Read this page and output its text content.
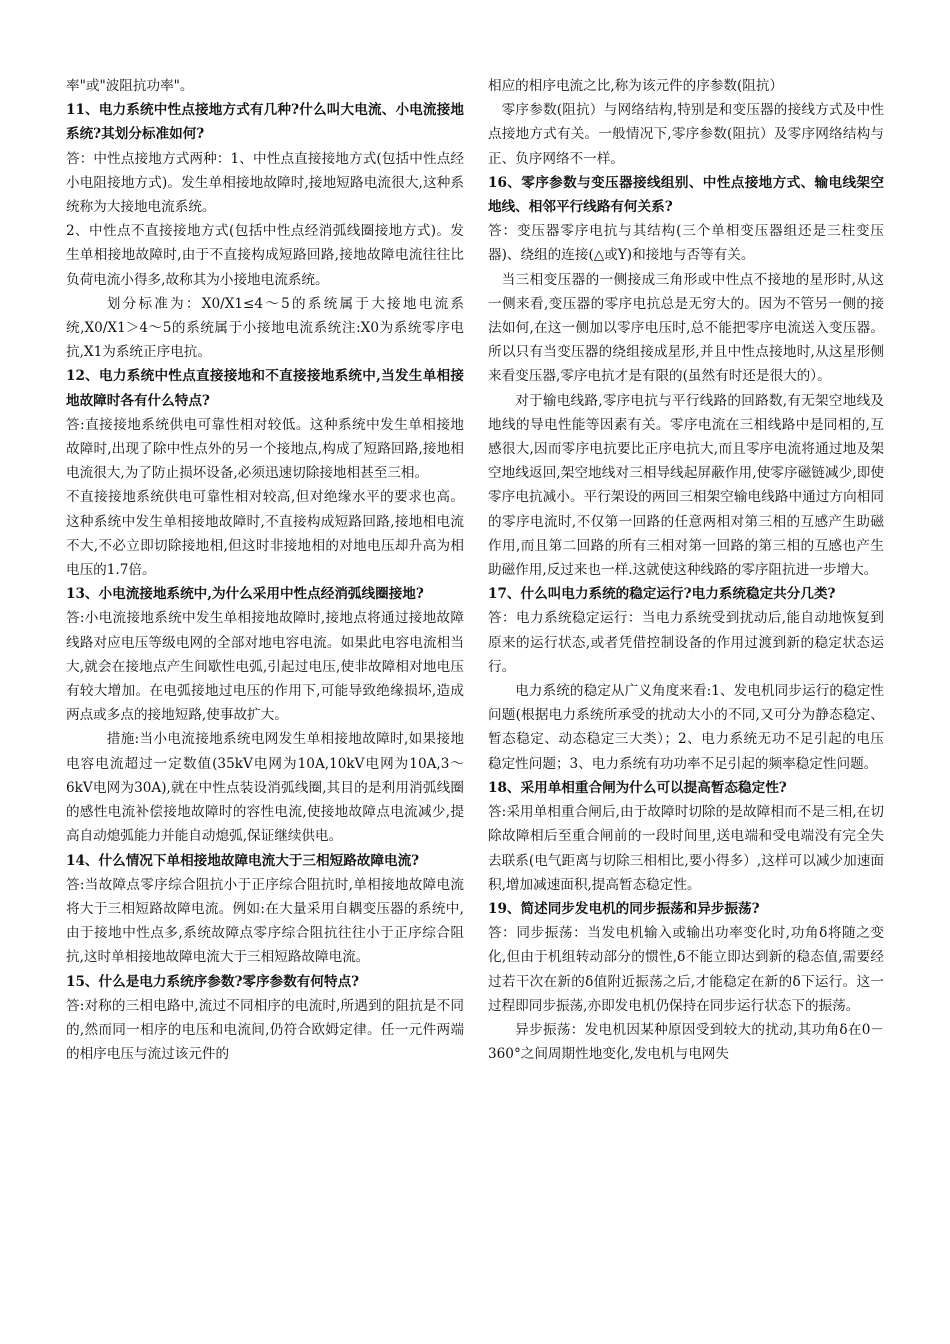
率"或"波阻抗功率"。

11、电力系统中性点接地方式有几种?什么叫大电流、小电流接地系统?其划分标准如何?

答：中性点接地方式两种：1、中性点直接接地方式(包括中性点经小电阻接地方式)。发生单相接地故障时,接地短路电流很大,这种系统称为大接地电流系统。

2、中性点不直接接地方式(包括中性点经消弧线圈接地方式)。发生单相接地故障时,由于不直接构成短路回路,接地故障电流往往比负荷电流小得多,故称其为小接地电流系统。

划分标准为：X0/X1≤4～5的系统属于大接地电流系统,X0/X1＞4～5的系统属于小接地电流系统注:X0为系统零序电抗,X1为系统正序电抗。

12、电力系统中性点直接接地和不直接接地系统中,当发生单相接地故障时各有什么特点?

答:直接接地系统供电可靠性相对较低。这种系统中发生单相接地故障时,出现了除中性点外的另一个接地点,构成了短路回路,接地相电流很大,为了防止损坏设备,必须迅速切除接地相甚至三相。

不直接接地系统供电可靠性相对较高,但对绝缘水平的要求也高。这种系统中发生单相接地故障时,不直接构成短路回路,接地相电流不大,不必立即切除接地相,但这时非接地相的对地电压却升高为相电压的1.7倍。

13、小电流接地系统中,为什么采用中性点经消弧线圈接地?

答:小电流接地系统中发生单相接地故障时,接地点将通过接地故障线路对应电压等级电网的全部对地电容电流。如果此电容电流相当大,就会在接地点产生间歇性电弧,引起过电压,使非故障相对地电压有较大增加。在电弧接地过电压的作用下,可能导致绝缘损坏,造成两点或多点的接地短路,使事故扩大。

措施:当小电流接地系统电网发生单相接地故障时,如果接地电容电流超过一定数值(35kV电网为10A,10kV电网为10A,3～6kV电网为30A),就在中性点装设消弧线圈,其目的是利用消弧线圈的感性电流补偿接地故障时的容性电流,使接地故障点电流减少,提高自动熄弧能力并能自动熄弧,保证继续供电。

14、什么情况下单相接地故障电流大于三相短路故障电流?

答:当故障点零序综合阻抗小于正序综合阻抗时,单相接地故障电流将大于三相短路故障电流。例如:在大量采用自耦变压器的系统中,由于接地中性点多,系统故障点零序综合阻抗往往小于正序综合阻抗,这时单相接地故障电流大于三相短路故障电流。

15、什么是电力系统序参数?零序参数有何特点?

答:对称的三相电路中,流过不同相序的电流时,所遇到的阻抗是不同的,然而同一相序的电压和电流间,仍符合欧姆定律。任一元件两端的相序电压与流过该元件的

相应的相序电流之比,称为该元件的序参数(阻抗）

零序参数(阻抗）与网络结构,特别是和变压器的接线方式及中性点接地方式有关。一般情况下,零序参数(阻抗）及零序网络结构与正、负序网络不一样。

16、零序参数与变压器接线组别、中性点接地方式、输电线架空地线、相邻平行线路有何关系?

答：变压器零序电抗与其结构(三个单相变压器组还是三柱变压器)、绕组的连接(△或Y)和接地与否等有关。

当三相变压器的一侧接成三角形或中性点不接地的星形时,从这一侧来看,变压器的零序电抗总是无穷大的。因为不管另一侧的接法如何,在这一侧加以零序电压时,总不能把零序电流送入变压器。所以只有当变压器的绕组接成星形,并且中性点接地时,从这星形侧来看变压器,零序电抗才是有限的(虽然有时还是很大的）。

对于输电线路,零序电抗与平行线路的回路数,有无架空地线及地线的导电性能等因素有关。零序电流在三相线路中是同相的,互感很大,因而零序电抗要比正序电抗大,而且零序电流将通过地及架空地线返回,架空地线对三相导线起屏蔽作用,使零序磁链减少,即使零序电抗减小。平行架设的两回三相架空输电线路中通过方向相同的零序电流时,不仅第一回路的任意两相对第三相的互感产生助磁作用,而且第二回路的所有三相对第一回路的第三相的互感也产生助磁作用,反过来也一样.这就使这种线路的零序阻抗进一步增大。

17、什么叫电力系统的稳定运行?电力系统稳定共分几类?

答：电力系统稳定运行：当电力系统受到扰动后,能自动地恢复到原来的运行状态,或者凭借控制设备的作用过渡到新的稳定状态运行。

电力系统的稳定从广义角度来看:1、发电机同步运行的稳定性问题(根据电力系统所承受的扰动大小的不同,又可分为静态稳定、暂态稳定、动态稳定三大类）；2、电力系统无功不足引起的电压稳定性问题；3、电力系统有功功率不足引起的频率稳定性问题。

18、采用单相重合闸为什么可以提高暂态稳定性?

答:采用单相重合闸后,由于故障时切除的是故障相而不是三相,在切除故障相后至重合闸前的一段时间里,送电端和受电端没有完全失去联系(电气距离与切除三相相比,要小得多）,这样可以减少加速面积,增加减速面积,提高暂态稳定性。

19、简述同步发电机的同步振荡和异步振荡?

答：同步振荡：当发电机输入或输出功率变化时,功角δ将随之变化,但由于机组转动部分的惯性,δ不能立即达到新的稳态值,需要经过若干次在新的δ值附近振荡之后,才能稳定在新的δ下运行。这一过程即同步振荡,亦即发电机仍保持在同步运行状态下的振荡。

异步振荡：发电机因某种原因受到较大的扰动,其功角δ在0－360°之间周期性地变化,发电机与电网失
